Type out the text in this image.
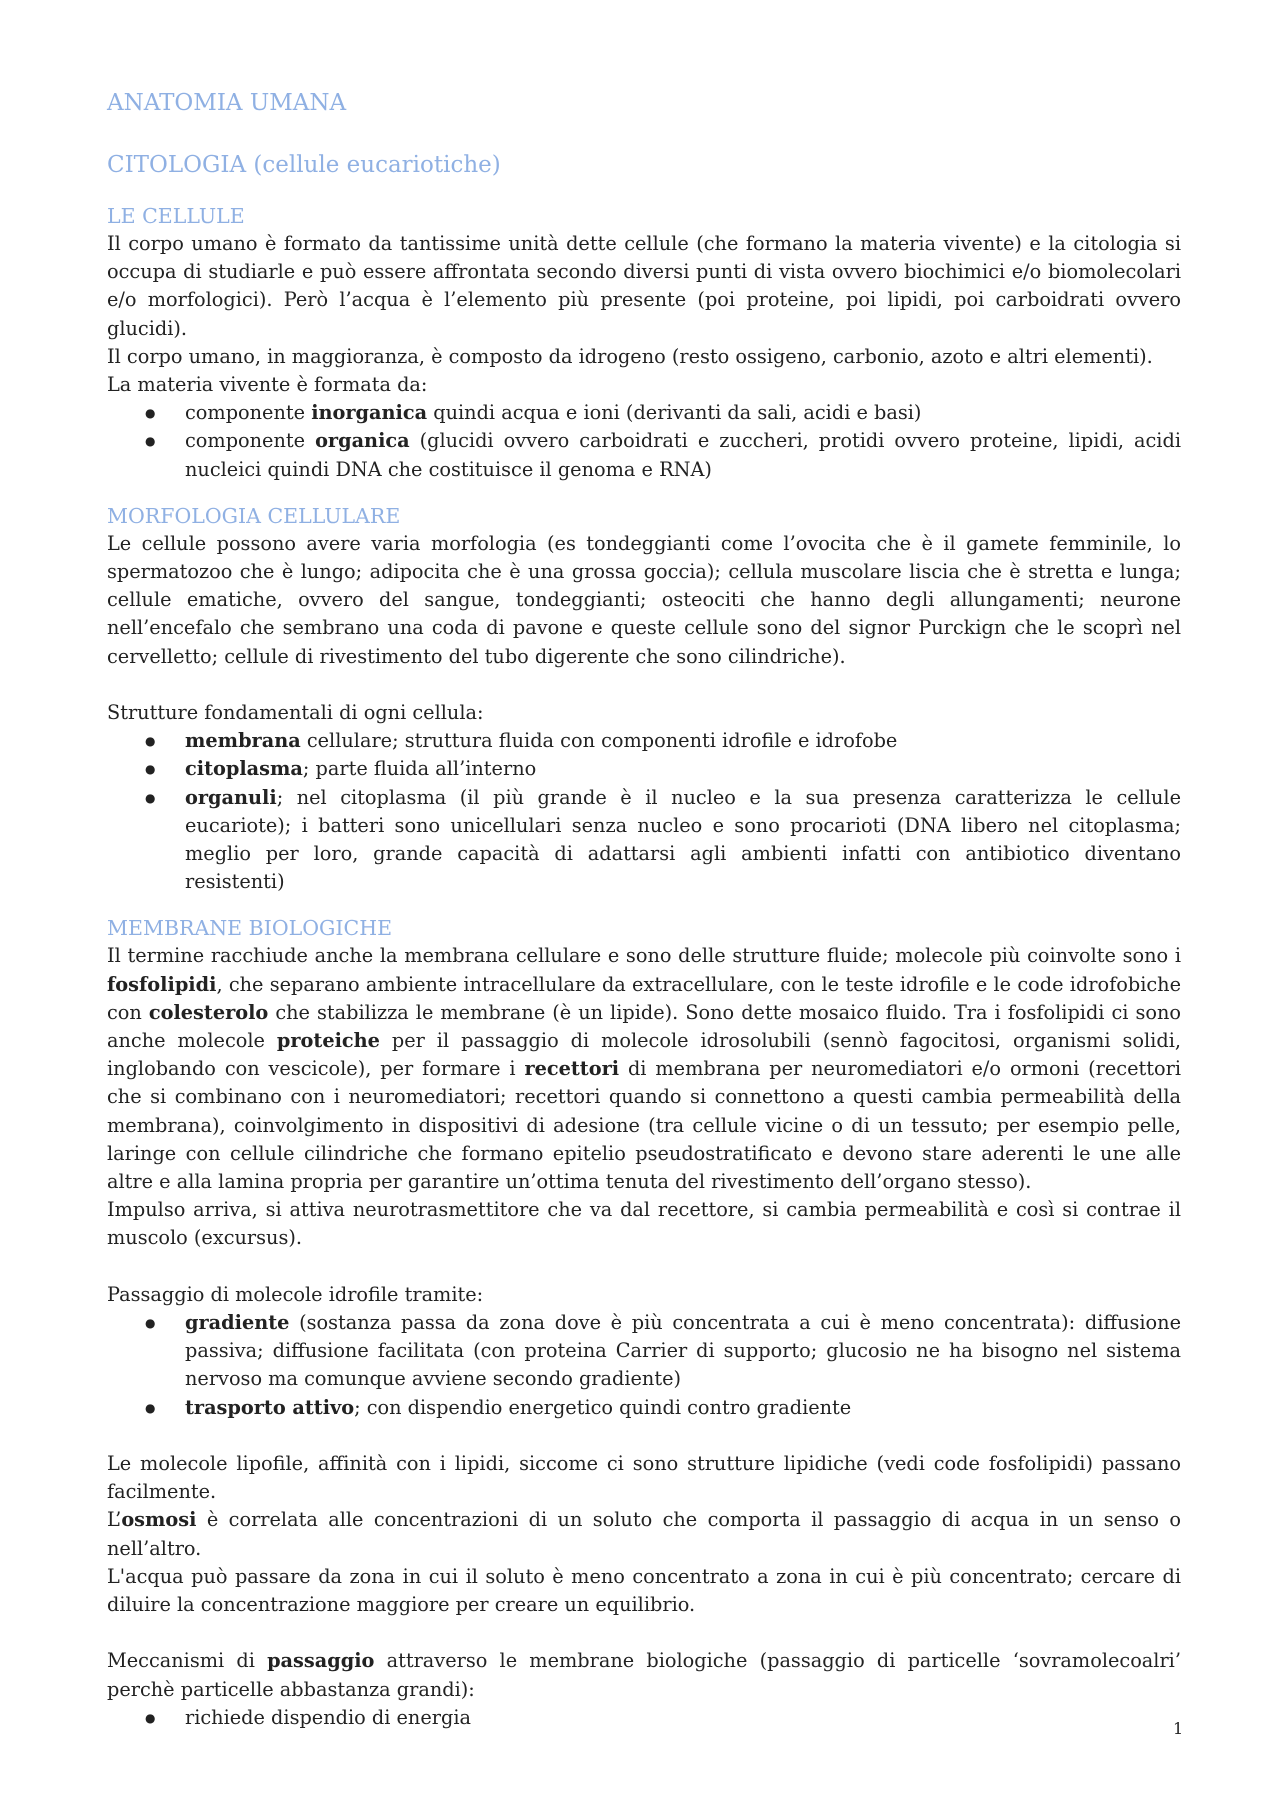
ANATOMIA UMANA
CITOLOGIA (cellule eucariotiche)
LE CELLULE

Il corpo umano è formato da tantissime unità dette cellule (che formano la materia vivente) e la citologia si occupa di studiarle e può essere affrontata secondo diversi punti di vista ovvero biochimici e/o biomolecolari e/o morfologici). Però l’acqua è l’elemento più presente (poi proteine, poi lipidi, poi carboidrati ovvero glucidi).

Il corpo umano, in maggioranza, è composto da idrogeno (resto ossigeno, carbonio, azoto e altri elementi).

La materia vivente è formata da:

● componente inorganica quindi acqua e ioni (derivanti da sali, acidi e basi)
● componente organica (glucidi ovvero carboidrati e zuccheri, protidi ovvero proteine, lipidi, acidi nucleici quindi DNA che costituisce il genoma e RNA)
MORFOLOGIA CELLULARE

Le cellule possono avere varia morfologia (es tondeggianti come l’ovocita che è il gamete femminile, lo spermatozoo che è lungo; adipocita che è una grossa goccia); cellula muscolare liscia che è stretta e lunga; cellule ematiche, ovvero del sangue, tondeggianti; osteociti che hanno degli allungamenti; neurone nell’encefalo che sembrano una coda di pavone e queste cellule sono del signor Purckign che le scoprì nel cervelletto; cellule di rivestimento del tubo digerente che sono cilindriche).

Strutture fondamentali di ogni cellula:

● membrana cellulare; struttura fluida con componenti idrofile e idrofobe
● citoplasma; parte fluida all’interno
● organuli; nel citoplasma (il più grande è il nucleo e la sua presenza caratterizza le cellule eucariote); i batteri sono unicellulari senza nucleo e sono procarioti (DNA libero nel citoplasma; meglio per loro, grande capacità di adattarsi agli ambienti infatti con antibiotico diventano resistenti)
MEMBRANE BIOLOGICHE

Il termine racchiude anche la membrana cellulare e sono delle strutture fluide; molecole più coinvolte sono i fosfolipidi, che separano ambiente intracellulare da extracellulare, con le teste idrofile e le code idrofobiche con colesterolo che stabilizza le membrane (è un lipide). Sono dette mosaico fluido. Tra i fosfolipidi ci sono anche molecole proteiche per il passaggio di molecole idrosolubili (sennò fagocitosi, organismi solidi, inglobando con vescicole), per formare i recettori di membrana per neuromediatori e/o ormoni (recettori che si combinano con i neuromediatori; recettori quando si connettono a questi cambia permeabilità della membrana), coinvolgimento in dispositivi di adesione (tra cellule vicine o di un tessuto; per esempio pelle, laringe con cellule cilindriche che formano epitelio pseudostratificato e devono stare aderenti le une alle altre e alla lamina propria per garantire un’ottima tenuta del rivestimento dell’organo stesso).

Impulso arriva, si attiva neurotrasmettitore che va dal recettore, si cambia permeabilità e così si contrae il muscolo (excursus).

Passaggio di molecole idrofile tramite:

● gradiente (sostanza passa da zona dove è più concentrata a cui è meno concentrata): diffusione passiva; diffusione facilitata (con proteina Carrier di supporto; glucosio ne ha bisogno nel sistema nervoso ma comunque avviene secondo gradiente)
● trasporto attivo; con dispendio energetico quindi contro gradiente

Le molecole lipofile, affinità con i lipidi, siccome ci sono strutture lipidiche (vedi code fosfolipidi) passano facilmente.

L’osmosi è correlata alle concentrazioni di un soluto che comporta il passaggio di acqua in un senso o nell’altro.

L'acqua può passare da zona in cui il soluto è meno concentrato a zona in cui è più concentrato; cercare di diluire la concentrazione maggiore per creare un equilibrio.

Meccanismi di passaggio attraverso le membrane biologiche (passaggio di particelle ‘sovramolecoalri’ perchè particelle abbastanza grandi):

● richiede dispendio di energia	1
